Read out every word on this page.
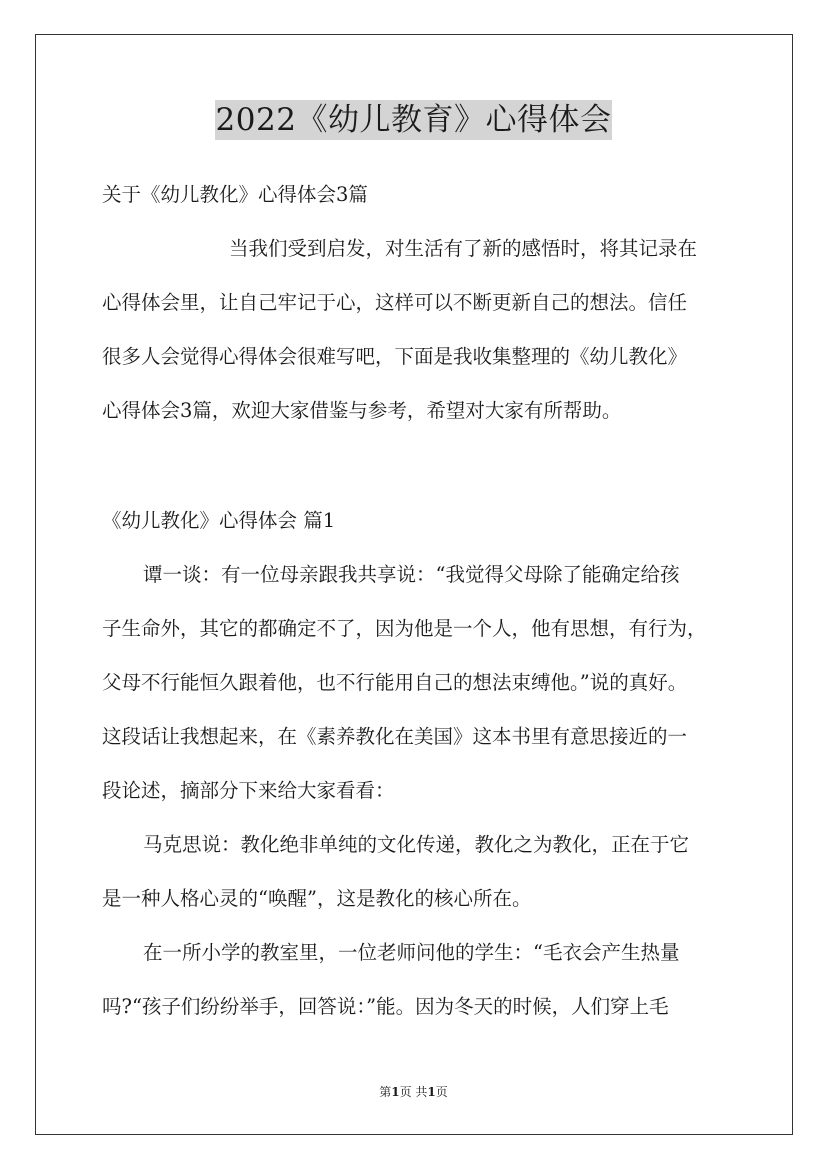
2022《幼儿教育》心得体会
关于《幼儿教化》心得体会3篇
当我们受到启发，对生活有了新的感悟时，将其记录在
心得体会里，让自己牢记于心，这样可以不断更新自己的想法。信任
很多人会觉得心得体会很难写吧，下面是我收集整理的《幼儿教化》
心得体会3篇，欢迎大家借鉴与参考，希望对大家有所帮助。
《幼儿教化》心得体会 篇1
谭一谈：有一位母亲跟我共享说：“我觉得父母除了能确定给孩
子生命外，其它的都确定不了，因为他是一个人，他有思想，有行为，
父母不行能恒久跟着他，也不行能用自己的想法束缚他。”说的真好。
这段话让我想起来，在《素养教化在美国》这本书里有意思接近的一
段论述，摘部分下来给大家看看：
马克思说：教化绝非单纯的文化传递，教化之为教化，正在于它
是一种人格心灵的“唤醒”，这是教化的核心所在。
在一所小学的教室里，一位老师问他的学生：“毛衣会产生热量
吗?“孩子们纷纷举手，回答说：”能。因为冬天的时候，人们穿上毛
第1页 共1页
